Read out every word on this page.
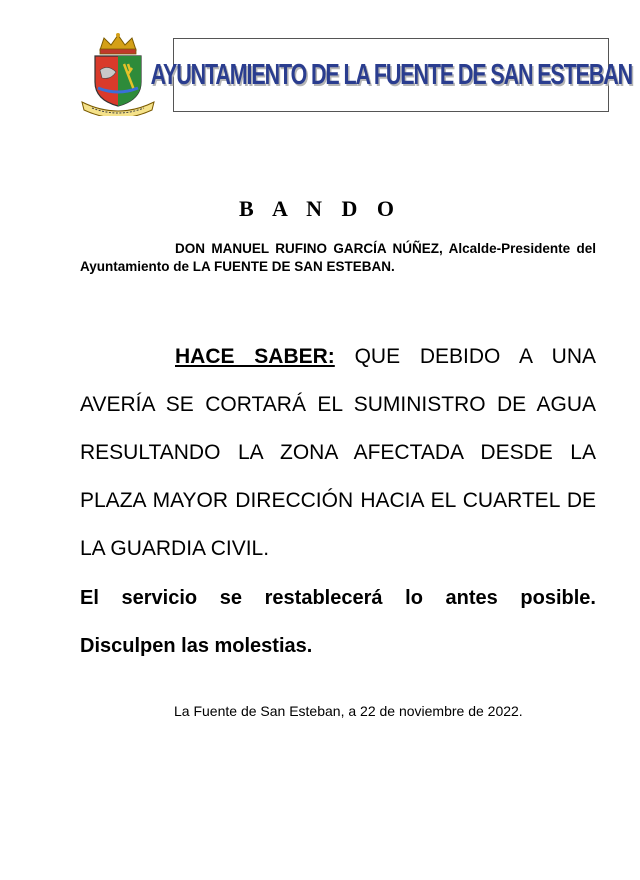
AYUNTAMIENTO DE LA FUENTE DE SAN ESTEBAN
B A N D O
DON MANUEL RUFINO GARCÍA NÚÑEZ, Alcalde-Presidente del Ayuntamiento de LA FUENTE DE SAN ESTEBAN.
HACE SABER: QUE DEBIDO A UNA AVERÍA SE CORTARÁ EL SUMINISTRO DE AGUA RESULTANDO LA ZONA AFECTADA DESDE LA PLAZA MAYOR DIRECCIÓN HACIA EL CUARTEL DE LA GUARDIA CIVIL.

El servicio se restablecerá lo antes posible.

Disculpen las molestias.

La Fuente de San Esteban, a 22 de noviembre de 2022.
